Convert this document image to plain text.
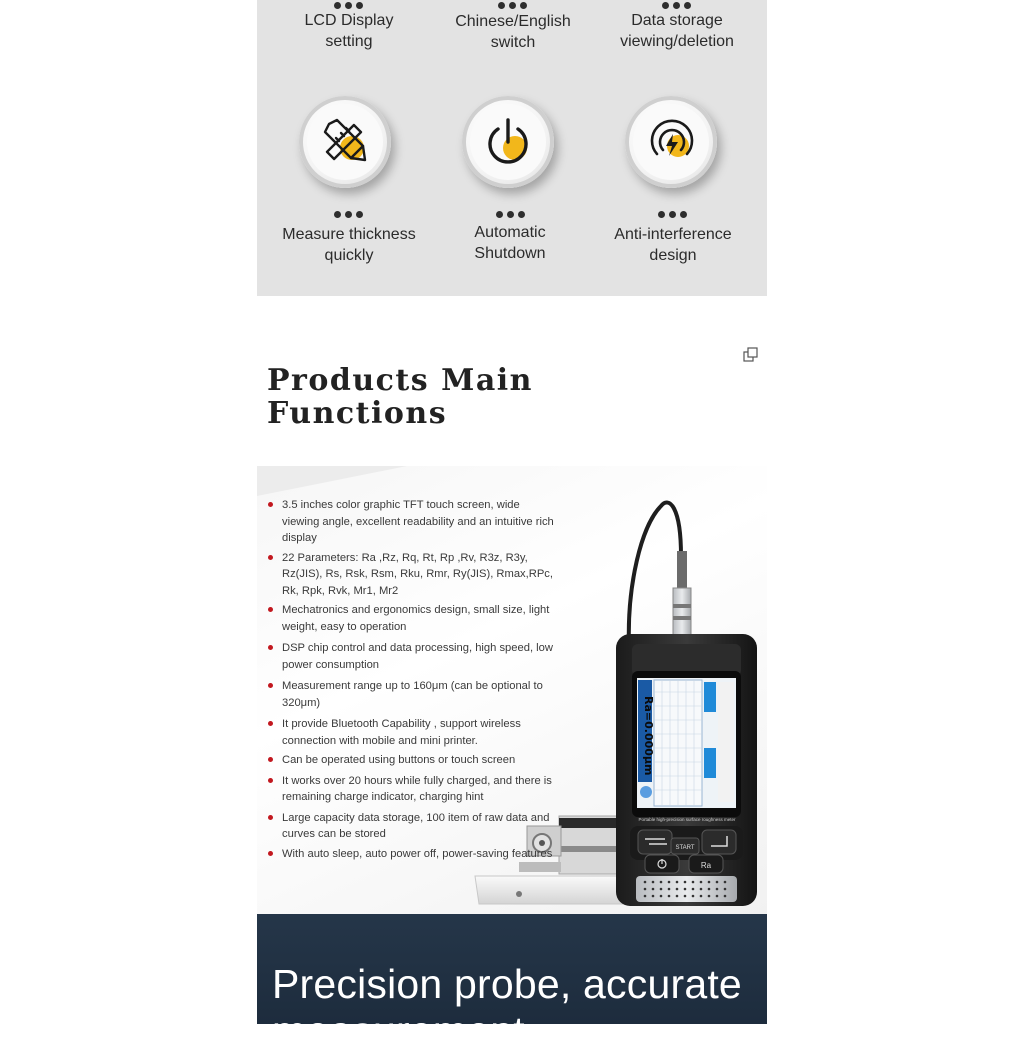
LCD Display
setting
Chinese/English
switch
Data storage
viewing/deletion
Measure thickness
quickly
Automatic
Shutdown
Anti-interference
design
Products Main
Functions
Ra=0.000μm
Portable high-precision surface roughness meter
START
Ra
3.5 inches color graphic TFT touch screen, wide viewing angle, excellent readability and an intuitive rich display
22 Parameters: Ra ,Rz, Rq, Rt, Rp ,Rv, R3z, R3y, Rz(JIS), Rs, Rsk, Rsm, Rku, Rmr, Ry(JIS), Rmax,RPc, Rk, Rpk, Rvk, Mr1, Mr2
Mechatronics and ergonomics design, small size, light weight, easy to operation
DSP chip control and data processing, high speed, low power consumption
Measurement range up to 160μm (can be optional to 320μm)
It provide Bluetooth Capability , support wireless connection with mobile and mini printer.
Can be operated using buttons or touch screen
It works over 20 hours while fully charged, and there is remaining charge indicator, charging hint
Large capacity data storage, 100 item of raw data and curves can be stored
With auto sleep, auto power off, power-saving features
Precision probe, accurate
measurement
